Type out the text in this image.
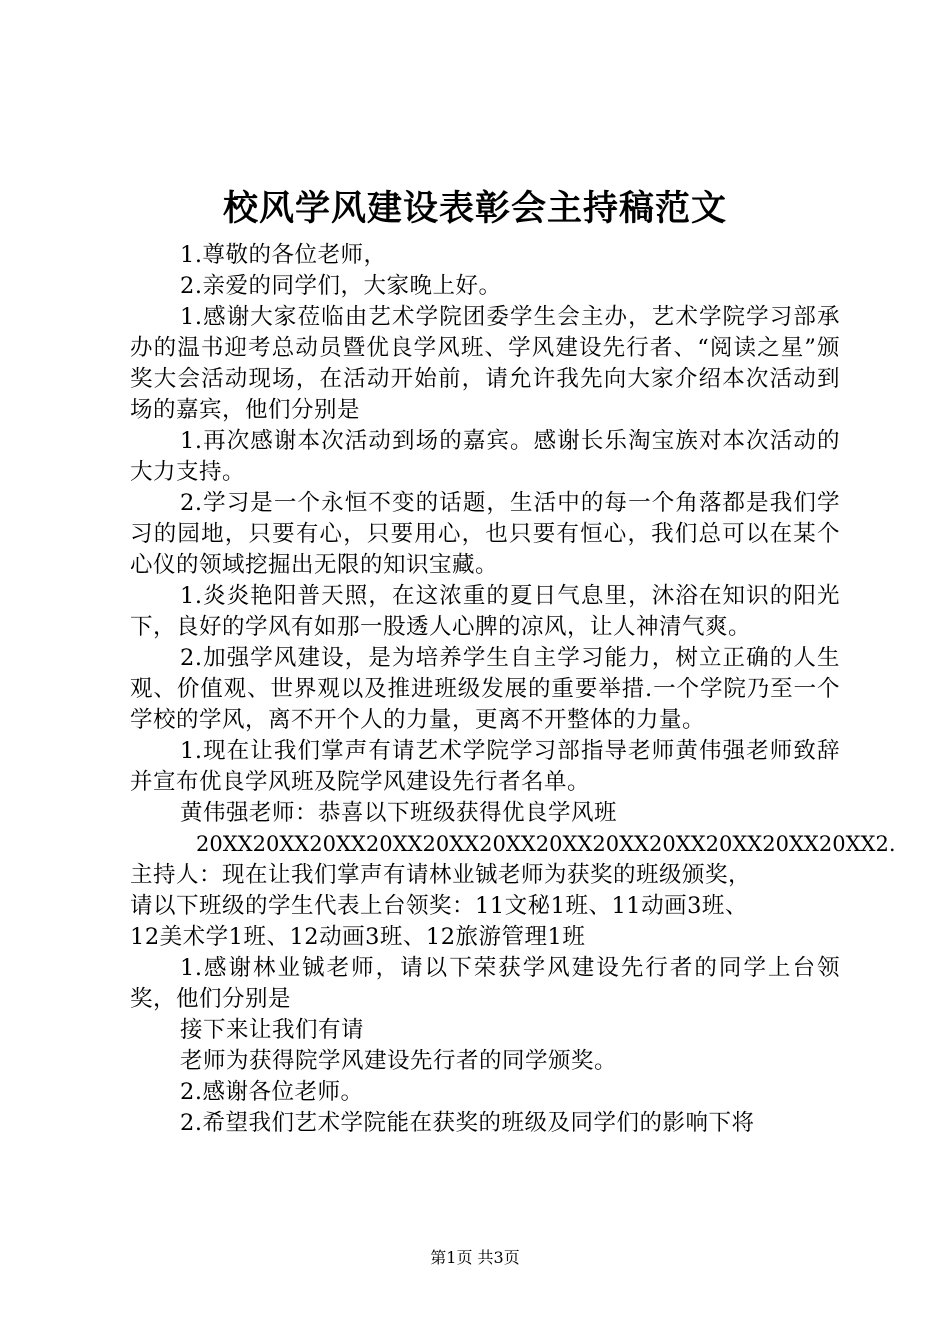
校风学风建设表彰会主持稿范文

1.尊敬的各位老师，

2.亲爱的同学们，大家晚上好。

1.感谢大家莅临由艺术学院团委学生会主办，艺术学院学习部承办的温书迎考总动员暨优良学风班、学风建设先行者、“阅读之星”颁奖大会活动现场，在活动开始前，请允许我先向大家介绍本次活动到场的嘉宾，他们分别是

1.再次感谢本次活动到场的嘉宾。感谢长乐淘宝族对本次活动的大力支持。

2.学习是一个永恒不变的话题，生活中的每一个角落都是我们学习的园地，只要有心，只要用心，也只要有恒心，我们总可以在某个心仪的领域挖掘出无限的知识宝藏。

1.炎炎艳阳普天照，在这浓重的夏日气息里，沐浴在知识的阳光下，良好的学风有如那一股透人心脾的凉风，让人神清气爽。

2.加强学风建设，是为培养学生自主学习能力，树立正确的人生观、价值观、世界观以及推进班级发展的重要举措.一个学院乃至一个学校的学风，离不开个人的力量，更离不开整体的力量。

1.现在让我们掌声有请艺术学院学习部指导老师黄伟强老师致辞并宣布优良学风班及院学风建设先行者名单。

黄伟强老师：恭喜以下班级获得优良学风班

20XX20XX20XX20XX20XX20XX20XX20XX20XX20XX20XX20XX2.

主持人：现在让我们掌声有请林业铖老师为获奖的班级颁奖，

请以下班级的学生代表上台领奖：11文秘1班、11动画3班、

12美术学1班、12动画3班、12旅游管理1班

1.感谢林业铖老师，请以下荣获学风建设先行者的同学上台领奖，他们分别是

接下来让我们有请

老师为获得院学风建设先行者的同学颁奖。

2.感谢各位老师。

2.希望我们艺术学院能在获奖的班级及同学们的影响下将

第1页 共3页
